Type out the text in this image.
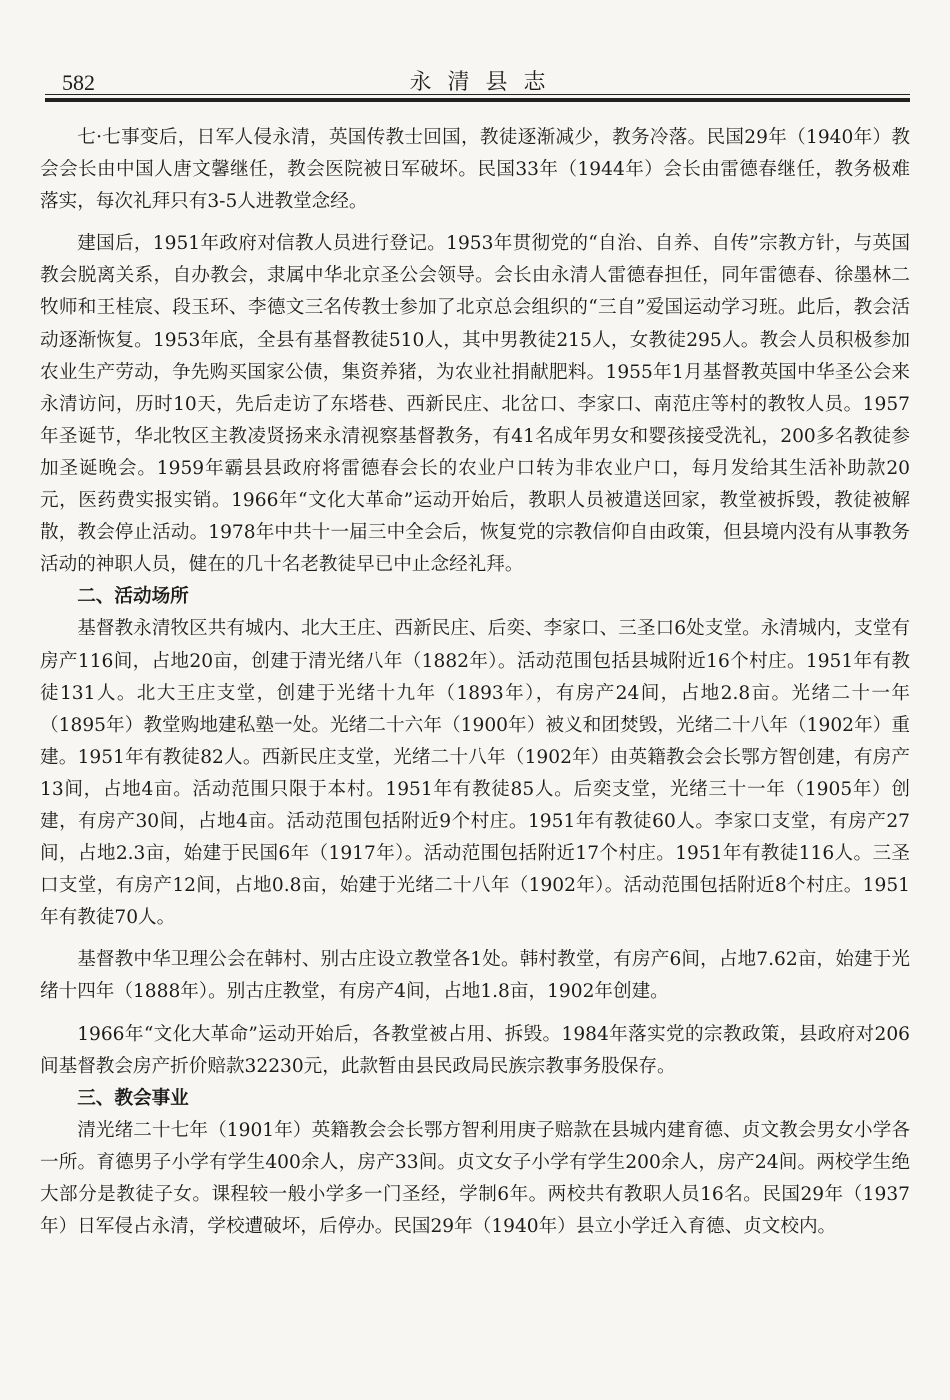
582	永清县志

七·七事变后，日军人侵永清，英国传教士回国，教徒逐渐减少，教务冷落。民国29年（1940年）教会会长由中国人唐文馨继任，教会医院被日军破坏。民国33年（1944年）会长由雷德春继任，教务极难落实，每次礼拜只有3-5人进教堂念经。

建国后，1951年政府对信教人员进行登记。1953年贯彻党的“自治、自养、自传”宗教方针，与英国教会脱离关系，自办教会，隶属中华北京圣公会领导。会长由永清人雷德春担任，同年雷德春、徐墨林二牧师和王桂宸、段玉环、李德文三名传教士参加了北京总会组织的“三自”爱国运动学习班。此后，教会活动逐渐恢复。1953年底，全县有基督教徒510人，其中男教徒215人，女教徒295人。教会人员积极参加农业生产劳动，争先购买国家公债，集资养猪，为农业社捐献肥料。1955年1月基督教英国中华圣公会来永清访问，历时10天，先后走访了东塔巷、西新民庄、北岔口、李家口、南范庄等村的教牧人员。1957年圣诞节，华北牧区主教凌贤扬来永清视察基督教务，有41名成年男女和婴孩接受洗礼，200多名教徒参加圣诞晚会。1959年霸县县政府将雷德春会长的农业户口转为非农业户口，每月发给其生活补助款20元，医药费实报实销。1966年“文化大革命”运动开始后，教职人员被遣送回家，教堂被拆毁，教徒被解散，教会停止活动。1978年中共十一届三中全会后，恢复党的宗教信仰自由政策，但县境内没有从事教务活动的神职人员，健在的几十名老教徒早已中止念经礼拜。

二、活动场所

基督教永清牧区共有城内、北大王庄、西新民庄、后奕、李家口、三圣口6处支堂。永清城内，支堂有房产116间，占地20亩，创建于清光绪八年（1882年）。活动范围包括县城附近16个村庄。1951年有教徒131人。北大王庄支堂，创建于光绪十九年（1893年），有房产24间，占地2.8亩。光绪二十一年（1895年）教堂购地建私塾一处。光绪二十六年（1900年）被义和团焚毁，光绪二十八年（1902年）重建。1951年有教徒82人。西新民庄支堂，光绪二十八年（1902年）由英籍教会会长鄂方智创建，有房产13间，占地4亩。活动范围只限于本村。1951年有教徒85人。后奕支堂，光绪三十一年（1905年）创建，有房产30间，占地4亩。活动范围包括附近9个村庄。1951年有教徒60人。李家口支堂，有房产27间，占地2.3亩，始建于民国6年（1917年）。活动范围包括附近17个村庄。1951年有教徒116人。三圣口支堂，有房产12间，占地0.8亩，始建于光绪二十八年（1902年）。活动范围包括附近8个村庄。1951年有教徒70人。

基督教中华卫理公会在韩村、别古庄设立教堂各1处。韩村教堂，有房产6间，占地7.62亩，始建于光绪十四年（1888年）。别古庄教堂，有房产4间，占地1.8亩，1902年创建。

1966年“文化大革命”运动开始后，各教堂被占用、拆毁。1984年落实党的宗教政策，县政府对206间基督教会房产折价赔款32230元，此款暂由县民政局民族宗教事务股保存。

三、教会事业

清光绪二十七年（1901年）英籍教会会长鄂方智利用庚子赔款在县城内建育德、贞文教会男女小学各一所。育德男子小学有学生400余人，房产33间。贞文女子小学有学生200余人，房产24间。两校学生绝大部分是教徒子女。课程较一般小学多一门圣经，学制6年。两校共有教职人员16名。民国29年（1937年）日军侵占永清，学校遭破坏，后停办。民国29年（1940年）县立小学迁入育德、贞文校内。
